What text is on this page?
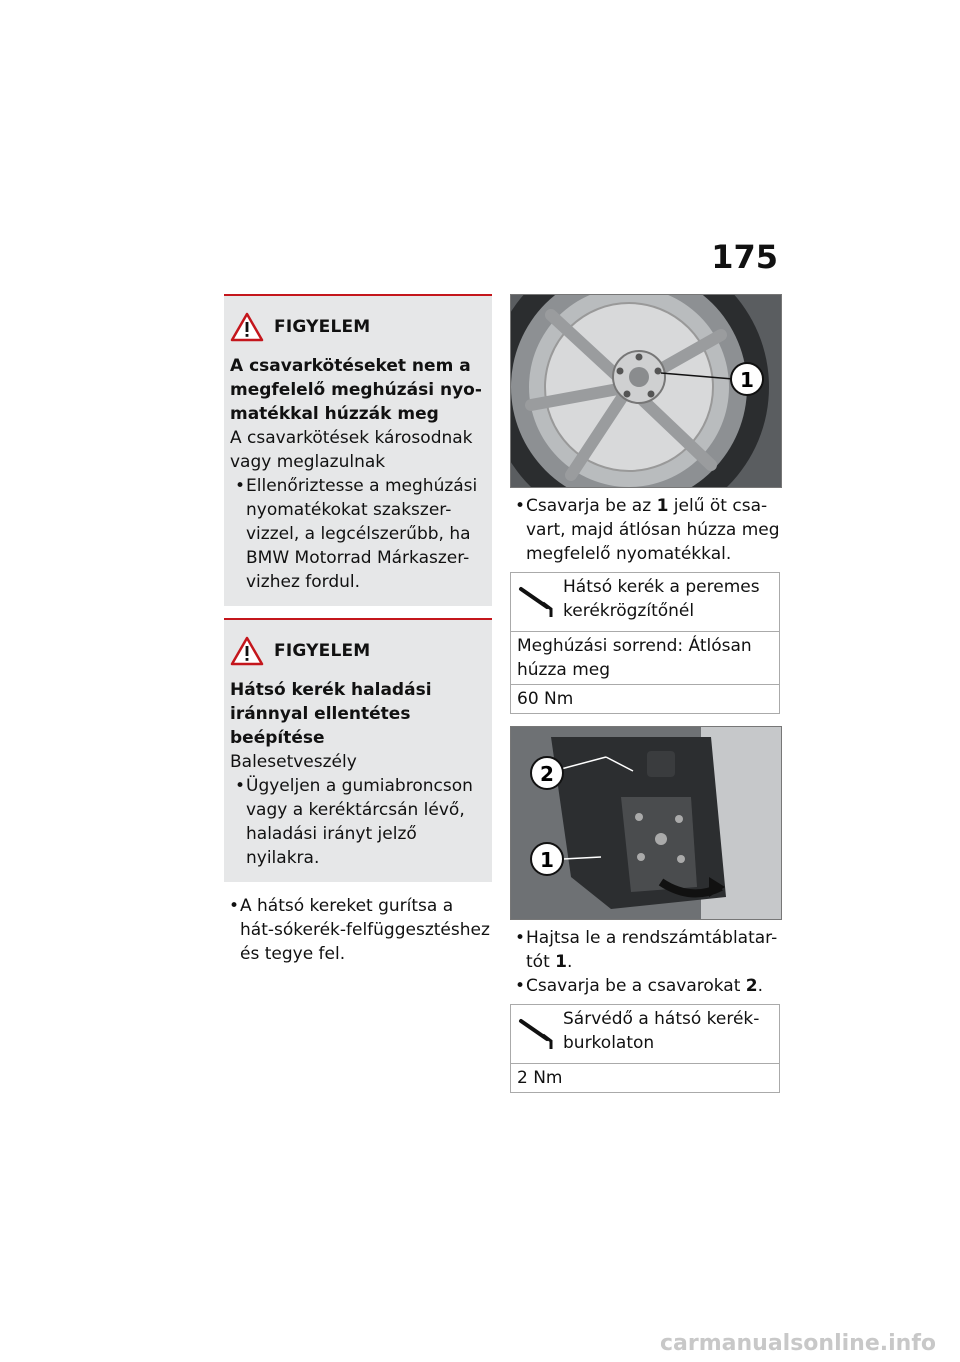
175
FIGYELEM
A csavarkötéseket nem a
megfelelő meghúzási nyo-
matékkal húzzák meg
A csavarkötések károsodnak
vagy meglazulnak
• Ellenőriztesse a meghúzási nyomatékokat szakszer-vizzel, a legcélszerűbb, ha BMW Motorrad Márkaszer-vizhez fordul.
FIGYELEM
Hátsó kerék haladási
iránnyal ellentétes beépítése
Balesetveszély
• Ügyeljen a gumiabroncson vagy a keréktárcsán lévő, haladási irányt jelző nyilakra.
• A hátsó kereket gurítsa a hát-sókerék-felfüggesztéshez és tegye fel.
1
• Csavarja be az 1 jelű öt csa-vart, majd átlósan húzza meg megfelelő nyomatékkal.
Hátsó kerék a peremes kerékrögzítőnél
Meghúzási sorrend: Átlósan húzza meg
60 Nm
2
1
• Hajtsa le a rendszámtáblatar-tót 1.
• Csavarja be a csavarokat 2.
Sárvédő a hátsó kerék-burkolaton
2 Nm
carmanualsonline.info
